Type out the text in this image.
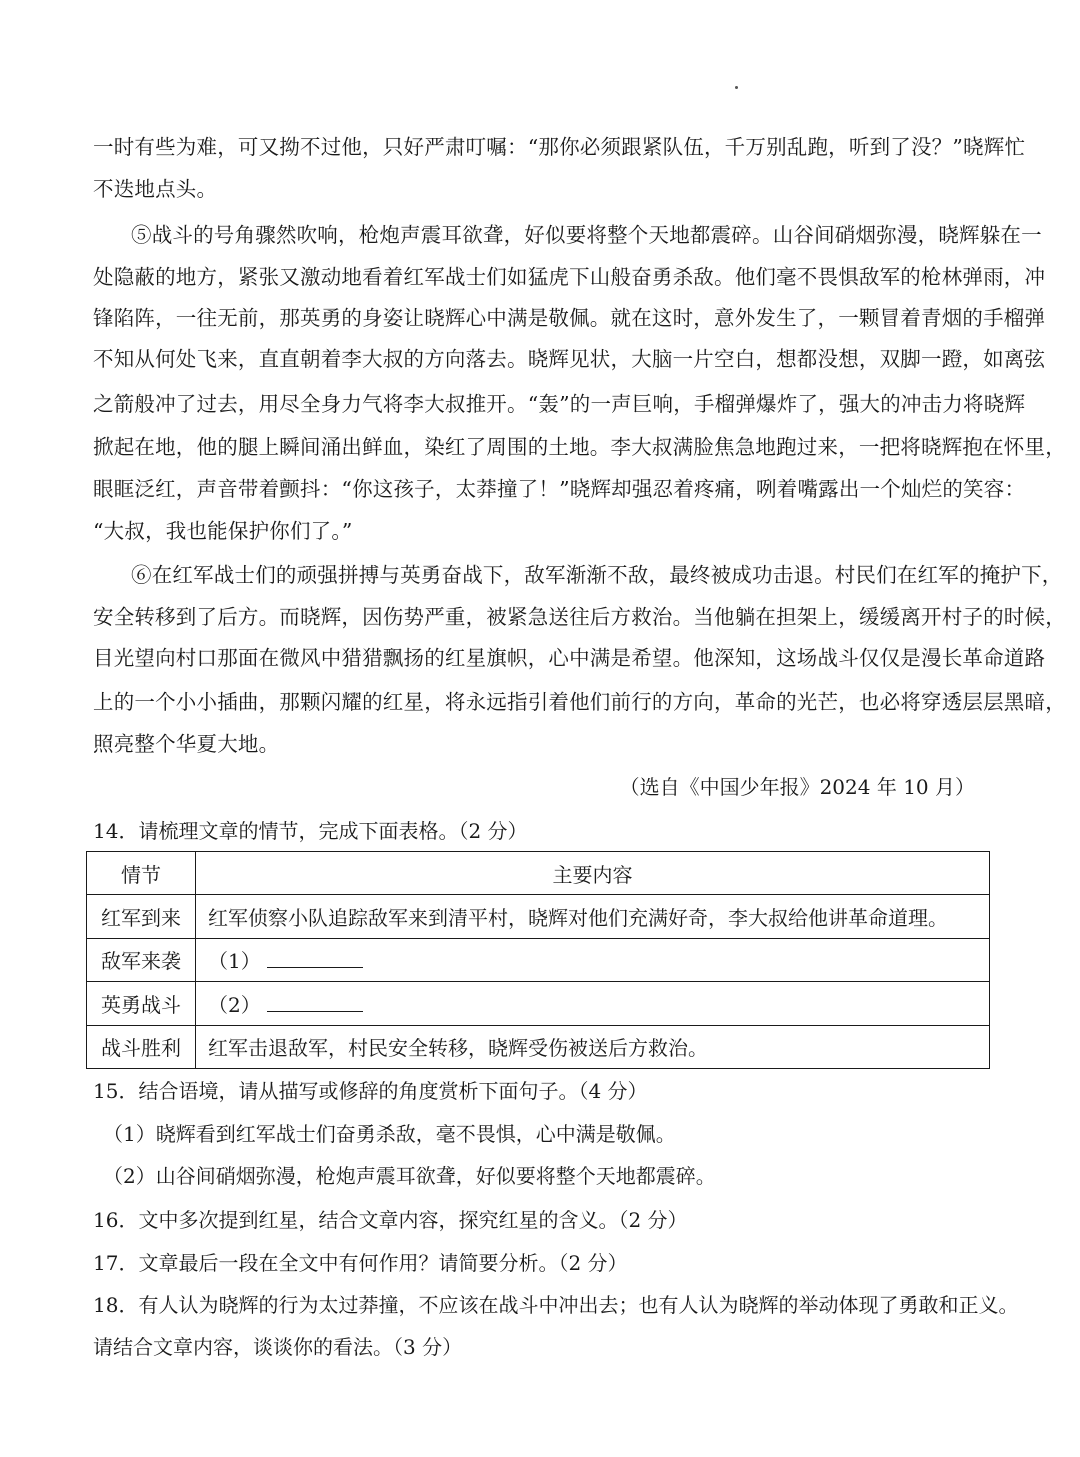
一时有些为难，可又拗不过他，只好严肃叮嘱：“那你必须跟紧队伍，千万别乱跑，听到了没？”晓辉忙
不迭地点头。
⑤战斗的号角骤然吹响，枪炮声震耳欲聋，好似要将整个天地都震碎。山谷间硝烟弥漫，晓辉躲在一
处隐蔽的地方，紧张又激动地看着红军战士们如猛虎下山般奋勇杀敌。他们毫不畏惧敌军的枪林弹雨，冲
锋陷阵，一往无前，那英勇的身姿让晓辉心中满是敬佩。就在这时，意外发生了，一颗冒着青烟的手榴弹
不知从何处飞来，直直朝着李大叔的方向落去。晓辉见状，大脑一片空白，想都没想，双脚一蹬，如离弦
之箭般冲了过去，用尽全身力气将李大叔推开。“轰”的一声巨响，手榴弹爆炸了，强大的冲击力将晓辉
掀起在地，他的腿上瞬间涌出鲜血，染红了周围的土地。李大叔满脸焦急地跑过来，一把将晓辉抱在怀里，
眼眶泛红，声音带着颤抖：“你这孩子，太莽撞了！”晓辉却强忍着疼痛，咧着嘴露出一个灿烂的笑容：
“大叔，我也能保护你们了。”
⑥在红军战士们的顽强拼搏与英勇奋战下，敌军渐渐不敌，最终被成功击退。村民们在红军的掩护下，
安全转移到了后方。而晓辉，因伤势严重，被紧急送往后方救治。当他躺在担架上，缓缓离开村子的时候，
目光望向村口那面在微风中猎猎飘扬的红星旗帜，心中满是希望。他深知，这场战斗仅仅是漫长革命道路
上的一个小小插曲，那颗闪耀的红星，将永远指引着他们前行的方向，革命的光芒，也必将穿透层层黑暗，
照亮整个华夏大地。
（选自《中国少年报》2024 年 10 月）
14．请梳理文章的情节，完成下面表格。（2 分）
情节	主要内容
红军到来	红军侦察小队追踪敌军来到清平村，晓辉对他们充满好奇，李大叔给他讲革命道理。
敌军来袭	（1）
英勇战斗	（2）
战斗胜利	红军击退敌军，村民安全转移，晓辉受伤被送后方救治。
15．结合语境，请从描写或修辞的角度赏析下面句子。（4 分）
（1）晓辉看到红军战士们奋勇杀敌，毫不畏惧，心中满是敬佩。
（2）山谷间硝烟弥漫，枪炮声震耳欲聋，好似要将整个天地都震碎。
16．文中多次提到红星，结合文章内容，探究红星的含义。（2 分）
17．文章最后一段在全文中有何作用？请简要分析。（2 分）
18．有人认为晓辉的行为太过莽撞，不应该在战斗中冲出去；也有人认为晓辉的举动体现了勇敢和正义。
请结合文章内容，谈谈你的看法。（3 分）
